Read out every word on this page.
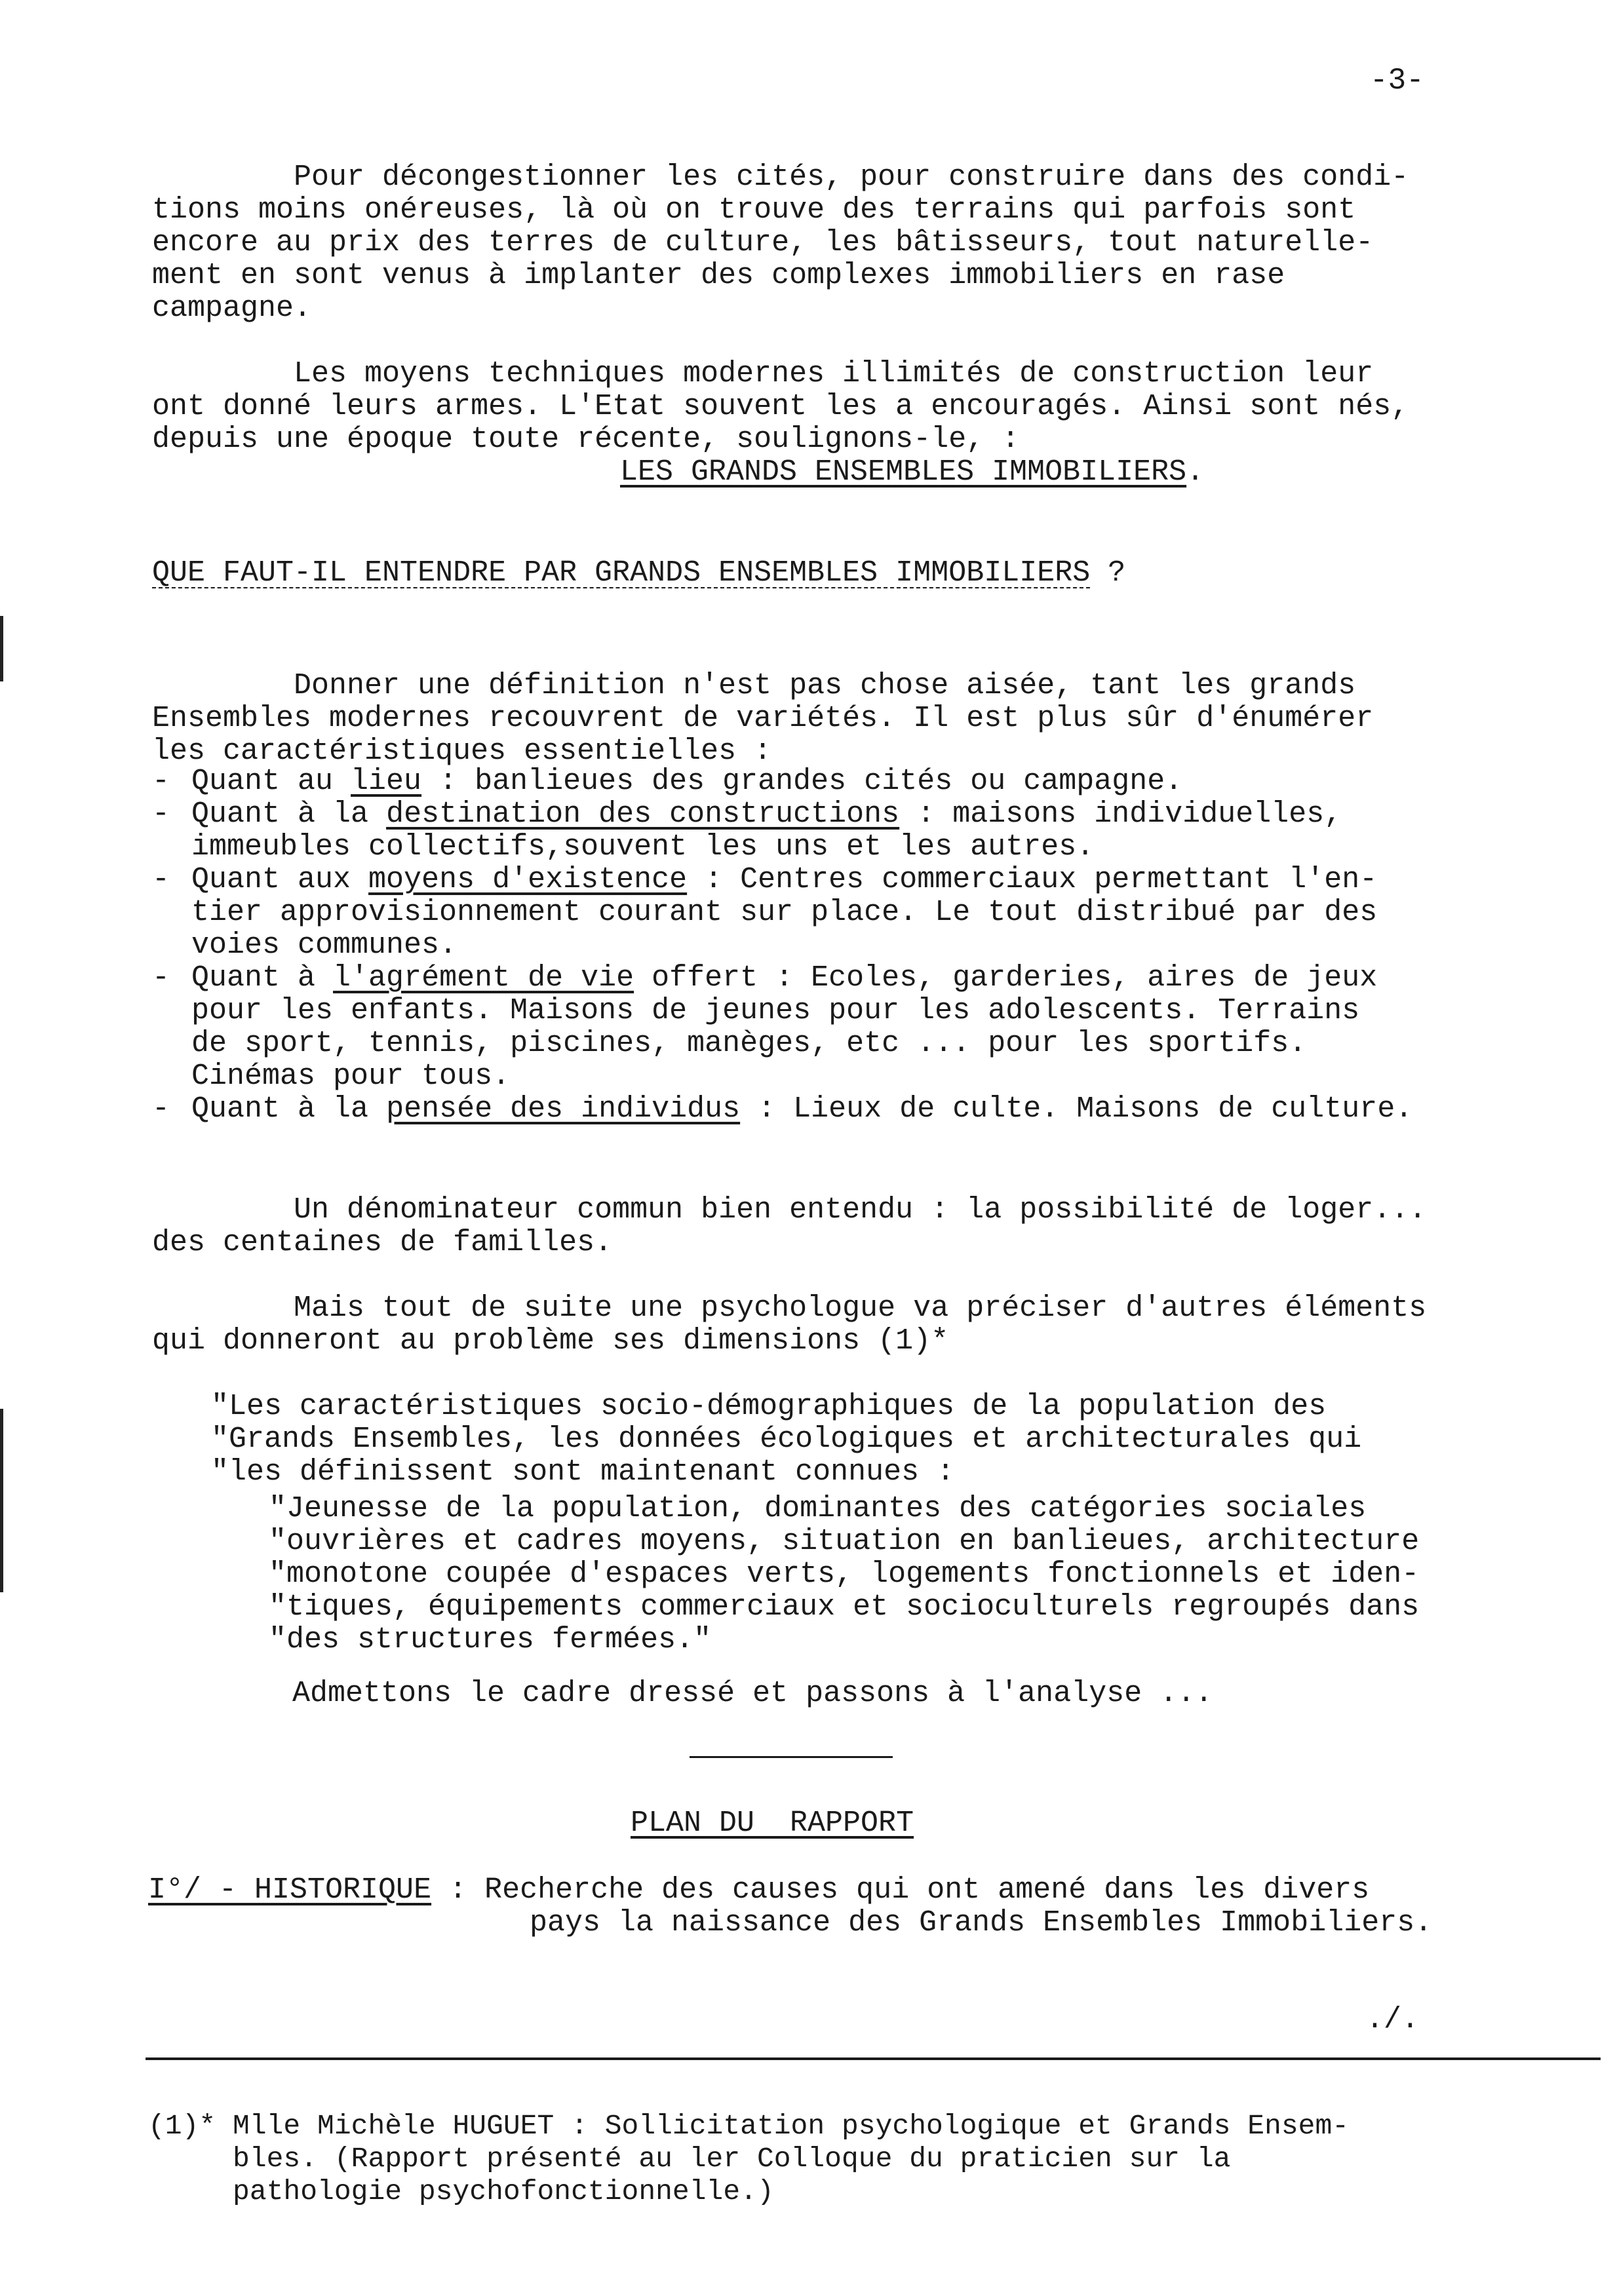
-3-

Pour décongestionner les cités, pour construire dans des condi-
tions moins onéreuses, là où on trouve des terrains qui parfois sont
encore au prix des terres de culture, les bâtisseurs, tout naturelle-
ment en sont venus à implanter des complexes immobiliers en rase
campagne.

Les moyens techniques modernes illimités de construction leur
ont donné leurs armes. L'Etat souvent les a encouragés. Ainsi sont nés,
depuis une époque toute récente, soulignons-le, :

LES GRANDS ENSEMBLES IMMOBILIERS.
QUE FAUT-IL ENTENDRE PAR GRANDS ENSEMBLES IMMOBILIERS ?

Donner une définition n'est pas chose aisée, tant les grands
Ensembles modernes recouvrent de variétés. Il est plus sûr d'énumérer
les caractéristiques essentielles :

- Quant au lieu : banlieues des grandes cités ou campagne.
- Quant à la destination des constructions : maisons individuelles,
immeubles collectifs,souvent les uns et les autres.
- Quant aux moyens d'existence : Centres commerciaux permettant l'en-
tier approvisionnement courant sur place. Le tout distribué par des
voies communes.
- Quant à l'agrément de vie offert : Ecoles, garderies, aires de jeux
pour les enfants. Maisons de jeunes pour les adolescents. Terrains
de sport, tennis, piscines, manèges, etc ... pour les sportifs.
Cinémas pour tous.
- Quant à la pensée des individus : Lieux de culte. Maisons de culture.

Un dénominateur commun bien entendu : la possibilité de loger...
des centaines de familles.

Mais tout de suite une psychologue va préciser d'autres éléments
qui donneront au problème ses dimensions (1)*

"Les caractéristiques socio-démographiques de la population des
"Grands Ensembles, les données écologiques et architecturales qui
"les définissent sont maintenant connues :

"Jeunesse de la population, dominantes des catégories sociales
"ouvrières et cadres moyens, situation en banlieues, architecture
"monotone coupée d'espaces verts, logements fonctionnels et iden-
"tiques, équipements commerciaux et socioculturels regroupés dans
"des structures fermées."

Admettons le cadre dressé et passons à l'analyse ...

PLAN DU  RAPPORT

I°/ - HISTORIQUE : Recherche des causes qui ont amené dans les divers

pays la naissance des Grands Ensembles Immobiliers.

./.

(1)* Mlle Michèle HUGUET : Sollicitation psychologique et Grands Ensem-
bles. (Rapport présenté au ler Colloque du praticien sur la
pathologie psychofonctionnelle.)
